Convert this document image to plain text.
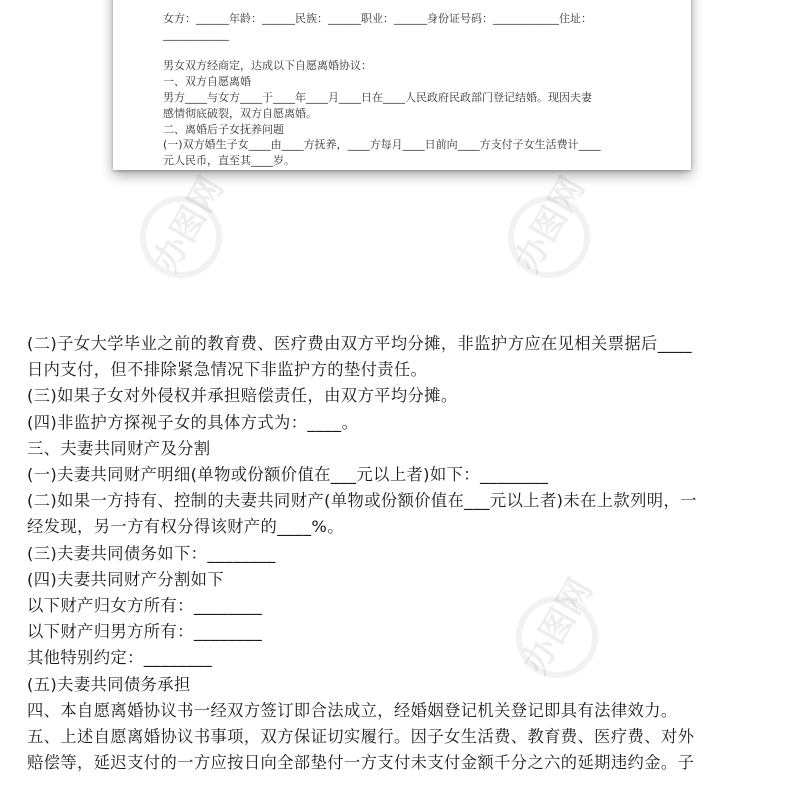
办图网	办图网
办图网
女方：______年龄：______民族：______职业：______身份证号码：____________住址：
____________
男女双方经商定，达成以下自愿离婚协议：
一、双方自愿离婚
男方____与女方____于____年____月____日在____人民政府民政部门登记结婚。现因夫妻
感情彻底破裂，双方自愿离婚。
二、离婚后子女抚养问题
(一)双方婚生子女____由____方抚养，____方每月____日前向____方支付子女生活费计____
元人民币，直至其____岁。
(二)子女大学毕业之前的教育费、医疗费由双方平均分摊，非监护方应在见相关票据后____
日内支付，但不排除紧急情况下非监护方的垫付责任。
(三)如果子女对外侵权并承担赔偿责任，由双方平均分摊。
(四)非监护方探视子女的具体方式为：____。
三、夫妻共同财产及分割
(一)夫妻共同财产明细(单物或份额价值在___元以上者)如下：________
(二)如果一方持有、控制的夫妻共同财产(单物或份额价值在___元以上者)未在上款列明，一
经发现，另一方有权分得该财产的____%。
(三)夫妻共同债务如下：________
(四)夫妻共同财产分割如下
以下财产归女方所有：________
以下财产归男方所有：________
其他特别约定：________
(五)夫妻共同债务承担
四、本自愿离婚协议书一经双方签订即合法成立，经婚姻登记机关登记即具有法律效力。
五、上述自愿离婚协议书事项，双方保证切实履行。因子女生活费、教育费、医疗费、对外
赔偿等，延迟支付的一方应按日向全部垫付一方支付未支付金额千分之六的延期违约金。子
